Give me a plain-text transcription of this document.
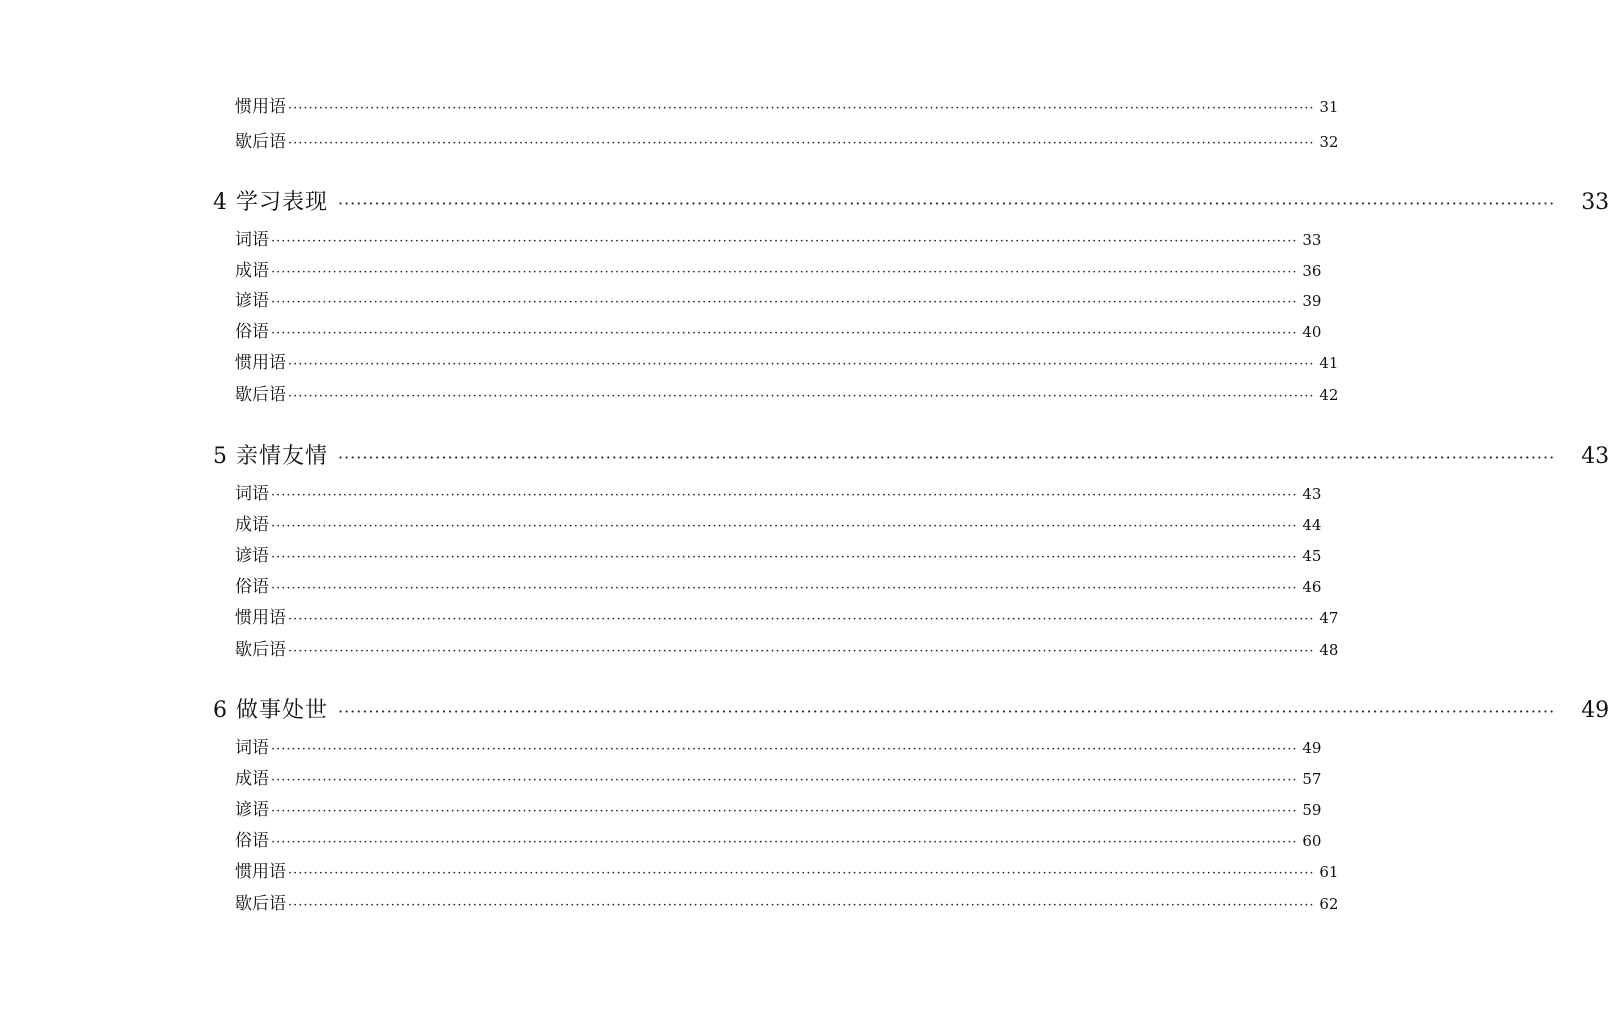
惯用语 ········································································································································································································ 31
歇后语 ········································································································································································································ 32
4 学习表现 ········································································································································································································ 33
词语 ········································································································································································································ 33
成语 ········································································································································································································ 36
谚语 ········································································································································································································ 39
俗语 ········································································································································································································ 40
惯用语 ········································································································································································································ 41
歇后语 ········································································································································································································ 42
5 亲情友情 ········································································································································································································ 43
词语 ········································································································································································································ 43
成语 ········································································································································································································ 44
谚语 ········································································································································································································ 45
俗语 ········································································································································································································ 46
惯用语 ········································································································································································································ 47
歇后语 ········································································································································································································ 48
6 做事处世 ········································································································································································································ 49
词语 ········································································································································································································ 49
成语 ········································································································································································································ 57
谚语 ········································································································································································································ 59
俗语 ········································································································································································································ 60
惯用语 ········································································································································································································ 61
歇后语 ········································································································································································································ 62
